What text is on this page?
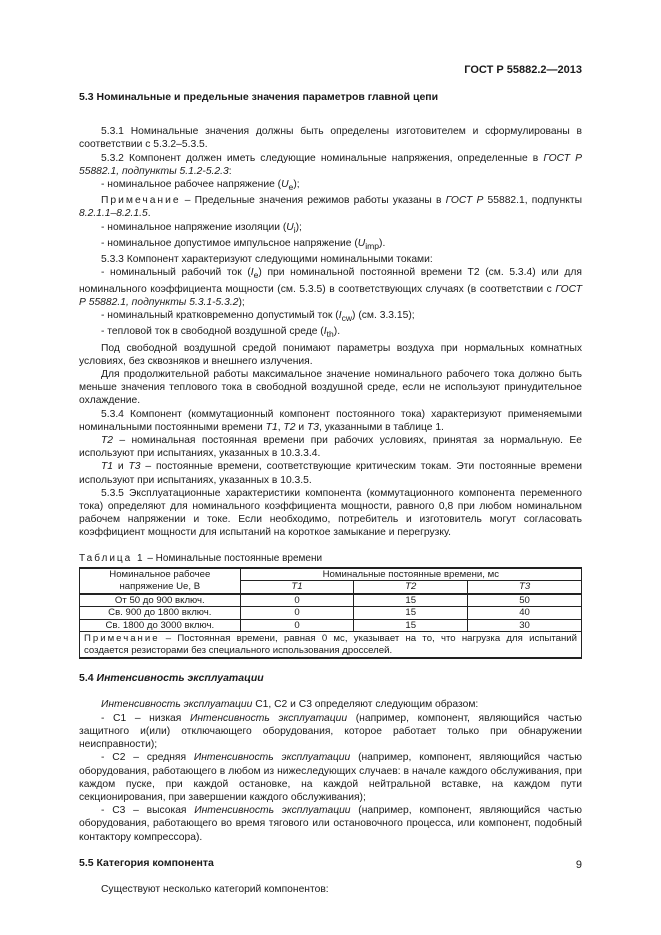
ГОСТ Р 55882.2—2013
5.3 Номинальные и предельные значения параметров главной цепи
5.3.1 Номинальные значения должны быть определены изготовителем и сформулированы в соответствии с 5.3.2–5.3.5.
5.3.2 Компонент должен иметь следующие номинальные напряжения, определенные в ГОСТ Р 55882.1, подпункты 5.1.2-5.2.3:
- номинальное рабочее напряжение $(U_e)$;
Примечание – Предельные значения режимов работы указаны в ГОСТ Р 55882.1, подпункты 8.2.1.1–8.2.1.5.
- номинальное напряжение изоляции $(U_i)$;
- номинальное допустимое импульсное напряжение $(U_{imp})$.
5.3.3 Компонент характеризуют следующими номинальными токами:
- номинальный рабочий ток $(I_e)$ при номинальной постоянной времени Т2 (см. 5.3.4) или для номинального коэффициента мощности (см. 5.3.5) в соответствующих случаях (в соответствии с ГОСТ Р 55882.1, подпункты 5.3.1-5.3.2);
- номинальный кратковременно допустимый ток $(I_{cw})$ (см. 3.3.15);
- тепловой ток в свободной воздушной среде $(I_{th})$.
Под свободной воздушной средой понимают параметры воздуха при нормальных комнатных условиях, без сквозняков и внешнего излучения.
Для продолжительной работы максимальное значение номинального рабочего тока должно быть меньше значения теплового тока в свободной воздушной среде, если не используют принудительное охлаждение.
5.3.4 Компонент (коммутационный компонент постоянного тока) характеризуют применяемыми номинальными постоянными времени T1, T2 и T3, указанными в таблице 1.
T2 – номинальная постоянная времени при рабочих условиях, принятая за нормальную. Ее используют при испытаниях, указанных в 10.3.3.4.
T1 и T3 – постоянные времени, соответствующие критическим токам. Эти постоянные времени используют при испытаниях, указанных в 10.3.5.
5.3.5 Эксплуатационные характеристики компонента (коммутационного компонента переменного тока) определяют для номинального коэффициента мощности, равного 0,8 при любом номинальном рабочем напряжении и токе. Если необходимо, потребитель и изготовитель могут согласовать коэффициент мощности для испытаний на короткое замыкание и перегрузку.
Таблица 1 – Номинальные постоянные времени
Номинальное рабочее напряжение Ue, В	Номинальные постоянные времени, мс		
	T1	T2	T3
От 50 до 900 включ.	0	15	50
Св. 900 до 1800 включ.	0	15	40
Св. 1800 до 3000 включ.	0	15	30
Примечание – Постоянная времени, равная 0 мс, указывает на то, что нагрузка для испытаний создается резисторами без специального использования дросселей.			
5.4 Интенсивность эксплуатации
Интенсивность эксплуатации С1, С2 и С3 определяют следующим образом:
- С1 – низкая Интенсивность эксплуатации (например, компонент, являющийся частью защитного и(или) отключающего оборудования, которое работает только при обнаружении неисправности);
- С2 – средняя Интенсивность эксплуатации (например, компонент, являющийся частью оборудования, работающего в любом из нижеследующих случаев: в начале каждого обслуживания, при каждом пуске, при каждой остановке, на каждой нейтральной вставке, на каждом пути секционирования, при завершении каждого обслуживания);
- С3 – высокая Интенсивность эксплуатации (например, компонент, являющийся частью оборудования, работающего во время тягового или остановочного процесса, или компонент, подобный контактору компрессора).
5.5 Категория компонента
Существуют несколько категорий компонентов:
9
